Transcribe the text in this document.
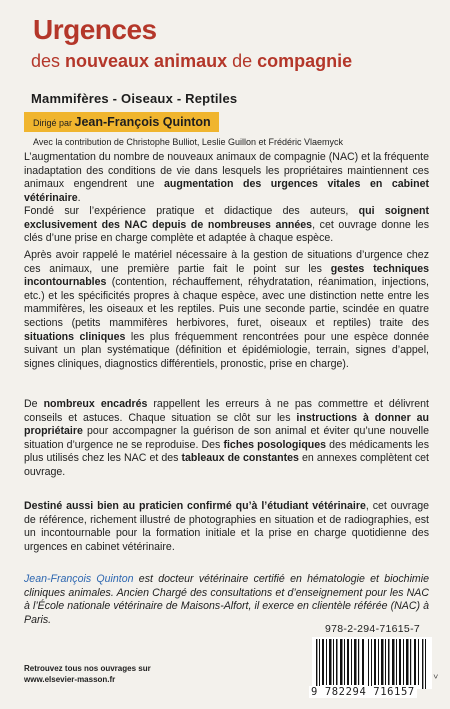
Urgences
des nouveaux animaux de compagnie
Mammifères - Oiseaux - Reptiles
Dirigé par Jean-François Quinton
Avec la contribution de Christophe Bulliot, Leslie Guillon et Frédéric Vlaemyck

L’augmentation du nombre de nouveaux animaux de compagnie (NAC) et la fréquente inadaptation des conditions de vie dans lesquels les propriétaires maintiennent ces animaux engendrent une augmentation des urgences vitales en cabinet vétérinaire.

Fondé sur l’expérience pratique et didactique des auteurs, qui soignent exclusivement des NAC depuis de nombreuses années, cet ouvrage donne les clés d’une prise en charge complète et adaptée à chaque espèce.

Après avoir rappelé le matériel nécessaire à la gestion de situations d’urgence chez ces animaux, une première partie fait le point sur les gestes techniques incontournables (contention, réchauffement, réhydratation, réanimation, injections, etc.) et les spécificités propres à chaque espèce, avec une distinction nette entre les mammifères, les oiseaux et les reptiles. Puis une seconde partie, scindée en quatre sections (petits mammifères herbivores, furet, oiseaux et reptiles) traite des situations cliniques les plus fréquemment rencontrées pour une espèce donnée suivant un plan systématique (définition et épidémiologie, terrain, signes d’appel, signes cliniques, diagnostics différentiels, pronostic, prise en charge).

De nombreux encadrés rappellent les erreurs à ne pas commettre et délivrent conseils et astuces. Chaque situation se clôt sur les instructions à donner au propriétaire pour accompagner la guérison de son animal et éviter qu’une nouvelle situation d’urgence ne se reproduise. Des fiches posologiques des médicaments les plus utilisés chez les NAC et des tableaux de constantes en annexes complètent cet ouvrage.

Destiné aussi bien au praticien confirmé qu’à l’étudiant vétérinaire, cet ouvrage de référence, richement illustré de photographies en situation et de radiographies, est un incontournable pour la formation initiale et la prise en charge quotidienne des urgences en cabinet vétérinaire.

Jean-François Quinton est docteur vétérinaire certifié en hématologie et biochimie cliniques animales. Ancien Chargé des consultations et d’enseignement pour les NAC à l’École nationale vétérinaire de Maisons-Alfort, il exerce en clientèle référée (NAC) à Paris.

978-2-294-71615-7
9 782294 716157
Retrouvez tous nos ouvrages sur
www.elsevier-masson.fr	>
